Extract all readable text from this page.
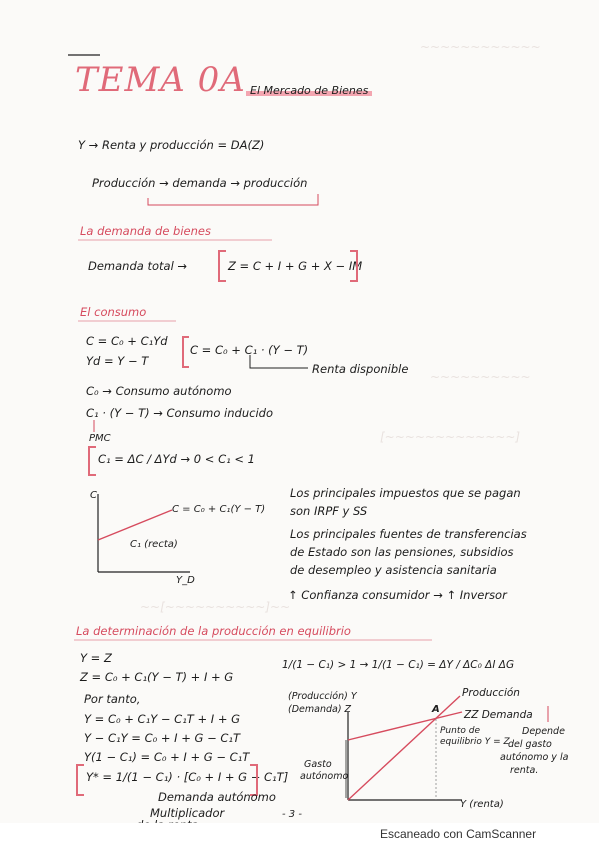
~~~~~~~~~~~~
~~~~~~~~~~
[~~~~~~~~~~~~~]
~~[~~~~~~~~~~]~~
TEMA 0A El Mercado de Bienes
Y → Renta y producción = DA(Z)
Producción → demanda → producción
La demanda de bienes
Demanda total →	Z = C + I + G + X − IM
El consumo
C = C₀ + C₁Yd
Yd = Y − T
C = C₀ + C₁ · (Y − T)
Renta disponible
C₀ → Consumo autónomo
C₁ · (Y − T) → Consumo inducido
PMC
C₁ = ΔC / ΔYd → 0 < C₁ < 1
C
Y_D
C = C₀ + C₁(Y − T)
C₁ (recta)
Los principales impuestos que se pagan
son IRPF y SS
Los principales fuentes de transferencias
de Estado son las pensiones, subsidios
de desempleo y asistencia sanitaria
↑ Confianza consumidor → ↑ Inversor
La determinación de la producción en equilibrio
Y = Z
Z = C₀ + C₁(Y − T) + I + G
Por tanto,
Y = C₀ + C₁Y − C₁T + I + G
Y − C₁Y = C₀ + I + G − C₁T
Y(1 − C₁) = C₀ + I + G − C₁T
Y* = 1/(1 − C₁) · [C₀ + I + G − C₁T]
Demanda autónomo
Multiplicador
1/(1 − C₁) > 1 → 1/(1 − C₁) = ΔY / ΔC₀ ΔI ΔG
(Producción) Y
(Demanda) Z
Y (renta)
Producción
ZZ Demanda
A
Punto de
equilibrio Y = Z
Gasto
autónomo
Depende
del gasto
autónomo y la
renta.
- 3 -
Escaneado con CamScanner
